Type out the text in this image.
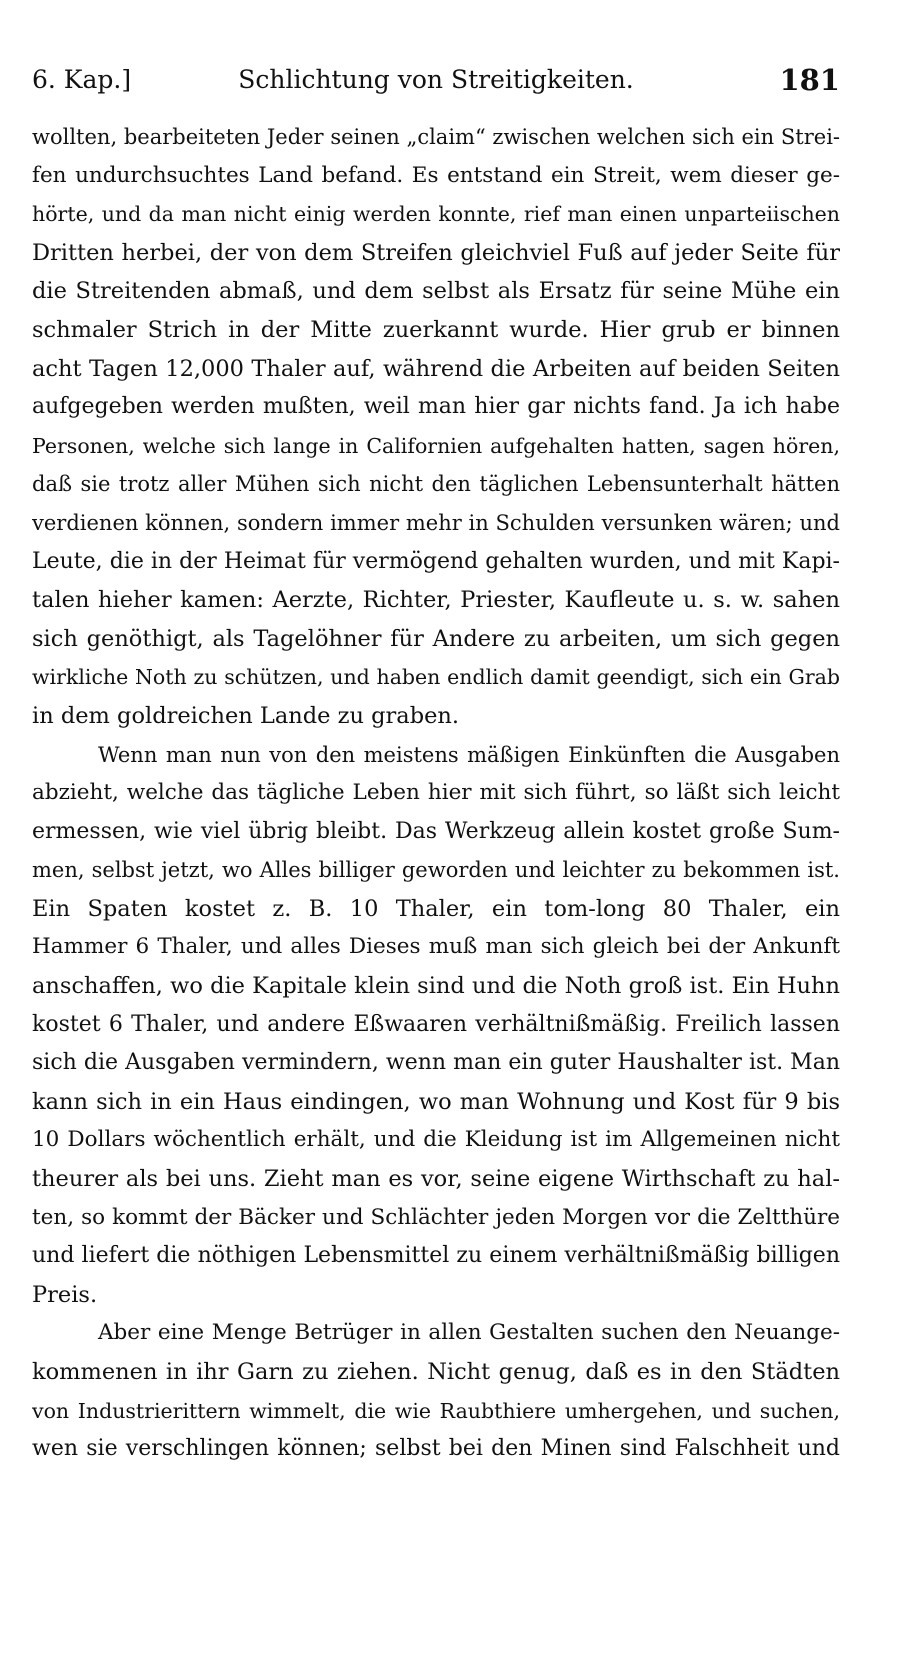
Schlichtung von Streitigkeiten.
6. Kap.]	181
wollten, bearbeiteten Jeder seinen „claim“ zwischen welchen sich ein Strei-
fen undurchsuchtes Land befand. Es entstand ein Streit, wem dieser ge-
hörte, und da man nicht einig werden konnte, rief man einen unparteiischen
Dritten herbei, der von dem Streifen gleichviel Fuß auf jeder Seite für
die Streitenden abmaß, und dem selbst als Ersatz für seine Mühe ein
schmaler Strich in der Mitte zuerkannt wurde. Hier grub er binnen
acht Tagen 12,000 Thaler auf, während die Arbeiten auf beiden Seiten
aufgegeben werden mußten, weil man hier gar nichts fand. Ja ich habe
Personen, welche sich lange in Californien aufgehalten hatten, sagen hören,
daß sie trotz aller Mühen sich nicht den täglichen Lebensunterhalt hätten
verdienen können, sondern immer mehr in Schulden versunken wären; und
Leute, die in der Heimat für vermögend gehalten wurden, und mit Kapi-
talen hieher kamen: Aerzte, Richter, Priester, Kaufleute u. s. w. sahen
sich genöthigt, als Tagelöhner für Andere zu arbeiten, um sich gegen
wirkliche Noth zu schützen, und haben endlich damit geendigt, sich ein Grab
in dem goldreichen Lande zu graben.
Wenn man nun von den meistens mäßigen Einkünften die Ausgaben
abzieht, welche das tägliche Leben hier mit sich führt, so läßt sich leicht
ermessen, wie viel übrig bleibt. Das Werkzeug allein kostet große Sum-
men, selbst jetzt, wo Alles billiger geworden und leichter zu bekommen ist.
Ein Spaten kostet z. B. 10 Thaler, ein tom-long 80 Thaler, ein
Hammer 6 Thaler, und alles Dieses muß man sich gleich bei der Ankunft
anschaffen, wo die Kapitale klein sind und die Noth groß ist. Ein Huhn
kostet 6 Thaler, und andere Eßwaaren verhältnißmäßig. Freilich lassen
sich die Ausgaben vermindern, wenn man ein guter Haushalter ist. Man
kann sich in ein Haus eindingen, wo man Wohnung und Kost für 9 bis
10 Dollars wöchentlich erhält, und die Kleidung ist im Allgemeinen nicht
theurer als bei uns. Zieht man es vor, seine eigene Wirthschaft zu hal-
ten, so kommt der Bäcker und Schlächter jeden Morgen vor die Zeltthüre
und liefert die nöthigen Lebensmittel zu einem verhältnißmäßig billigen
Preis.
Aber eine Menge Betrüger in allen Gestalten suchen den Neuange-
kommenen in ihr Garn zu ziehen. Nicht genug, daß es in den Städten
von Industrierittern wimmelt, die wie Raubthiere umhergehen, und suchen,
wen sie verschlingen können; selbst bei den Minen sind Falschheit und
